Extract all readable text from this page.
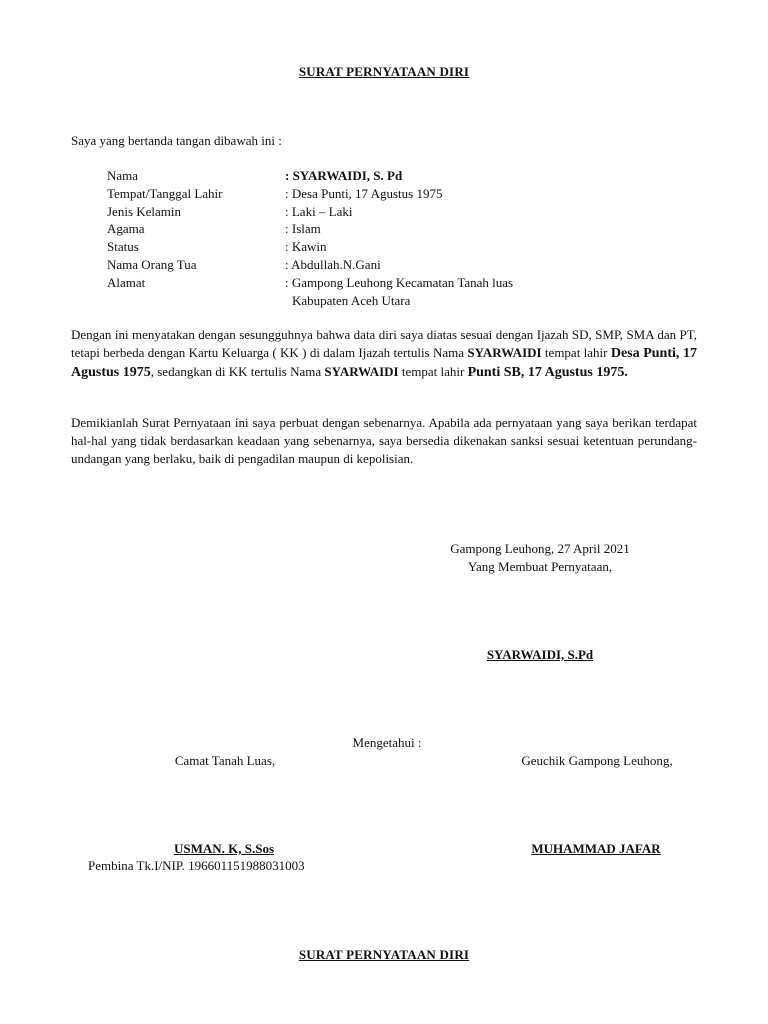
SURAT PERNYATAAN DIRI
Saya yang bertanda tangan dibawah ini :
Nama	: SYARWAIDI, S. Pd
Tempat/Tanggal Lahir	: Desa Punti, 17 Agustus 1975
Jenis Kelamin	: Laki – Laki
Agama	: Islam
Status	: Kawin
Nama Orang Tua	: Abdullah.N.Gani
Alamat	: Gampong Leuhong Kecamatan Tanah luas
Kabupaten Aceh Utara
Dengan ini menyatakan dengan sesungguhnya bahwa data diri saya diatas sesuai dengan Ijazah SD, SMP, SMA dan PT, tetapi berbeda dengan Kartu Keluarga ( KK ) di dalam Ijazah tertulis Nama SYARWAIDI tempat lahir Desa Punti, 17 Agustus 1975, sedangkan di KK tertulis Nama SYARWAIDI tempat lahir Punti SB, 17 Agustus 1975.
Demikianlah Surat Pernyataan ini saya perbuat dengan sebenarnya. Apabila ada pernyataan yang saya berikan terdapat hal-hal yang tidak berdasarkan keadaan yang sebenarnya, saya bersedia dikenakan sanksi sesuai ketentuan perundang-undangan yang berlaku, baik di pengadilan maupun di kepolisian.
Gampong Leuhong, 27 April 2021
Yang Membuat Pernyataan,
SYARWAIDI, S.Pd
Mengetahui :
Camat Tanah Luas,	Geuchik Gampong Leuhong,
USMAN. K, S.Sos
Pembina Tk.I/NIP. 196601151988031003
MUHAMMAD JAFAR
SURAT PERNYATAAN DIRI
